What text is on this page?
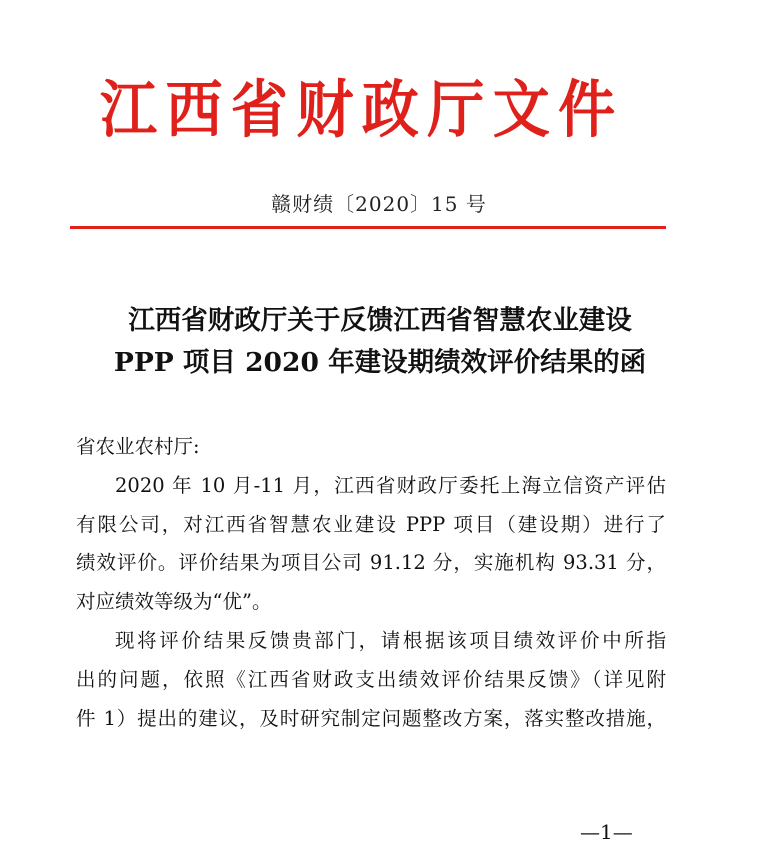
江 西 省 财 政 厅 文 件
赣财绩〔2020〕15 号
江西省财政厅关于反馈江西省智慧农业建设
PPP 项目 2020 年建设期绩效评价结果的函

省农业农村厅:

2020 年 10 月-11 月，江西省财政厅委托上海立信资产评估

有限公司，对江西省智慧农业建设 PPP 项目（建设期）进行了

绩效评价。评价结果为项目公司 91.12 分，实施机构 93.31 分，

对应绩效等级为“优”。

现将评价结果反馈贵部门，请根据该项目绩效评价中所指

出的问题，依照《江西省财政支出绩效评价结果反馈》（详见附

件 1）提出的建议，及时研究制定问题整改方案，落实整改措施，

—1—
